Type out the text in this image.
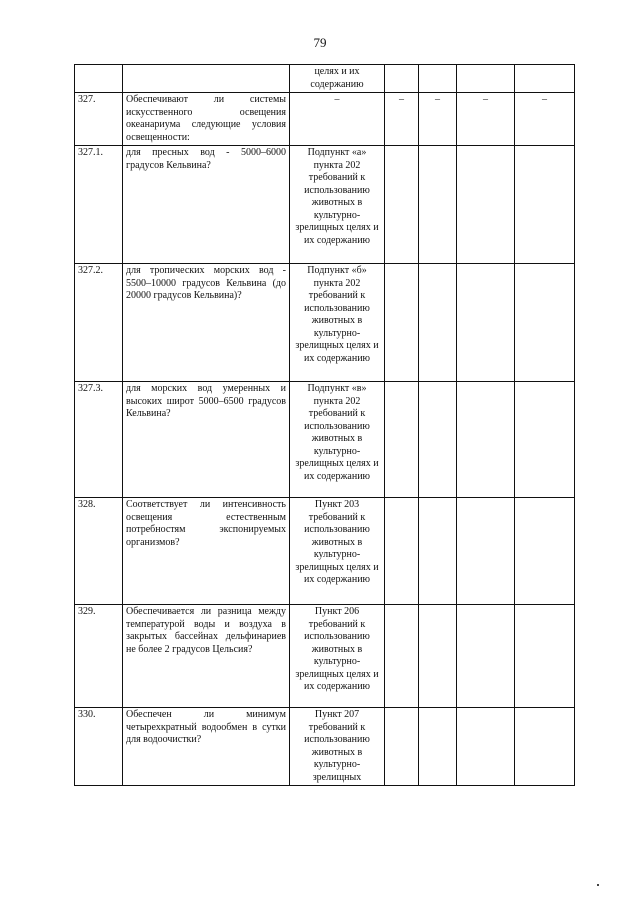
79
		целях и их содержанию				
327.	Обеспечивают ли системы искусственного освещения океанариума следующие условия освещенности:	–	–	–	–	–
327.1.	для пресных вод - 5000–6000 градусов Кельвина?	Подпункт «а» пункта 202 требований к использованию животных в культурно-зрелищных целях и их содержанию				
327.2.	для тропических морских вод - 5500–10000 градусов Кельвина (до 20000 градусов Кельвина)?	Подпункт «б» пункта 202 требований к использованию животных в культурно-зрелищных целях и их содержанию				
327.3.	для морских вод умеренных и высоких широт 5000–6500 градусов Кельвина?	Подпункт «в» пункта 202 требований к использованию животных в культурно-зрелищных целях и их содержанию				
328.	Соответствует ли интенсивность освещения естественным потребностям экспонируемых организмов?	Пункт 203 требований к использованию животных в культурно-зрелищных целях и их содержанию				
329.	Обеспечивается ли разница между температурой воды и воздуха в закрытых бассейнах дельфинариев не более 2 градусов Цельсия?	Пункт 206 требований к использованию животных в культурно-зрелищных целях и их содержанию				
330.	Обеспечен ли минимум четырехкратный водообмен в сутки для водоочистки?	Пункт 207 требований к использованию животных в культурно-зрелищных				
